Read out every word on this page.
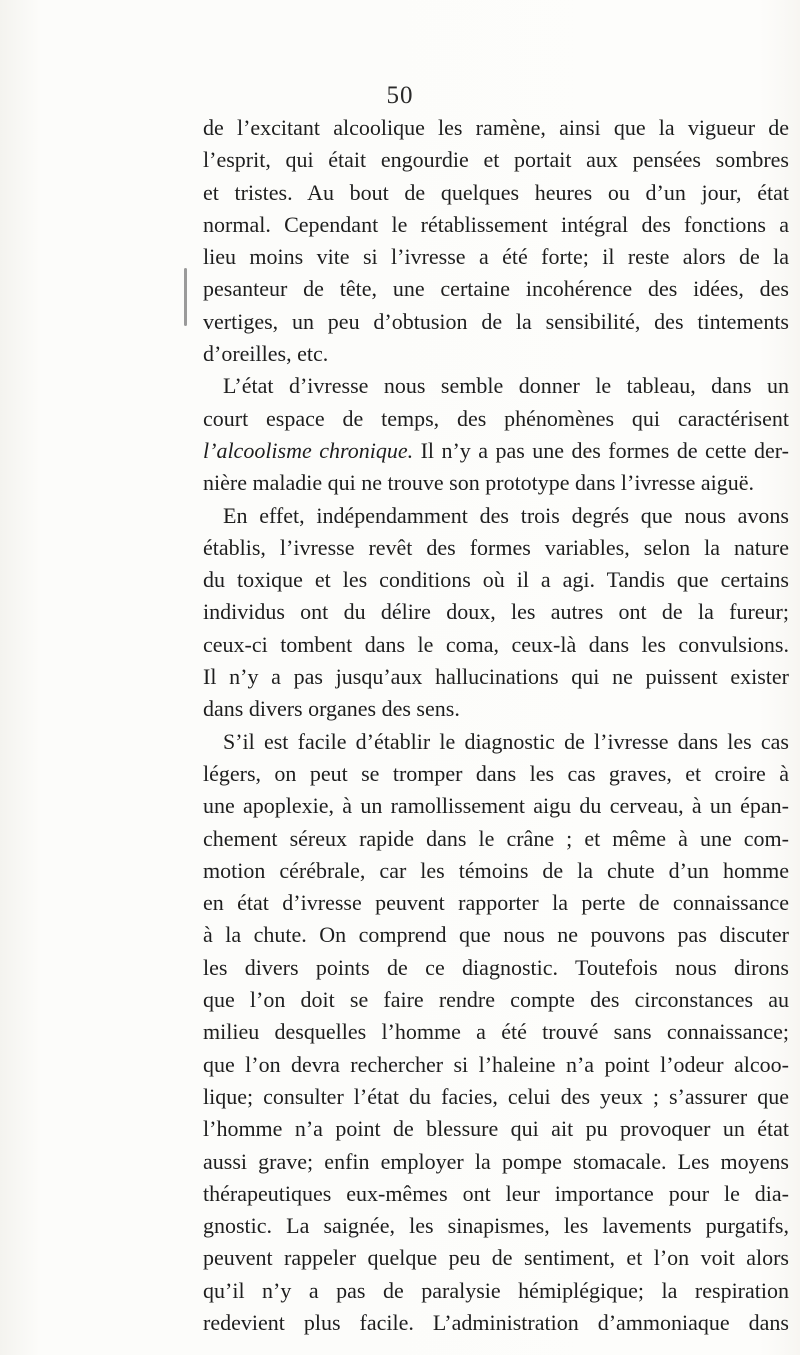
50
de l’excitant alcoolique les ramène, ainsi que la vigueur de
l’esprit, qui était engourdie et portait aux pensées sombres
et tristes. Au bout de quelques heures ou d’un jour, état
normal. Cependant le rétablissement intégral des fonctions a
lieu moins vite si l’ivresse a été forte; il reste alors de la
pesanteur de tête, une certaine incohérence des idées, des
vertiges, un peu d’obtusion de la sensibilité, des tintements
d’oreilles, etc.
L’état d’ivresse nous semble donner le tableau, dans un
court espace de temps, des phénomènes qui caractérisent
l’alcoolisme chronique. Il n’y a pas une des formes de cette der-
nière maladie qui ne trouve son prototype dans l’ivresse aiguë.
En effet, indépendamment des trois degrés que nous avons
établis, l’ivresse revêt des formes variables, selon la nature
du toxique et les conditions où il a agi. Tandis que certains
individus ont du délire doux, les autres ont de la fureur;
ceux-ci tombent dans le coma, ceux-là dans les convulsions.
Il n’y a pas jusqu’aux hallucinations qui ne puissent exister
dans divers organes des sens.
S’il est facile d’établir le diagnostic de l’ivresse dans les cas
légers, on peut se tromper dans les cas graves, et croire à
une apoplexie, à un ramollissement aigu du cerveau, à un épan-
chement séreux rapide dans le crâne ; et même à une com-
motion cérébrale, car les témoins de la chute d’un homme
en état d’ivresse peuvent rapporter la perte de connaissance
à la chute. On comprend que nous ne pouvons pas discuter
les divers points de ce diagnostic. Toutefois nous dirons
que l’on doit se faire rendre compte des circonstances au
milieu desquelles l’homme a été trouvé sans connaissance;
que l’on devra rechercher si l’haleine n’a point l’odeur alcoo-
lique; consulter l’état du facies, celui des yeux ; s’assurer que
l’homme n’a point de blessure qui ait pu provoquer un état
aussi grave; enfin employer la pompe stomacale. Les moyens
thérapeutiques eux-mêmes ont leur importance pour le dia-
gnostic. La saignée, les sinapismes, les lavements purgatifs,
peuvent rappeler quelque peu de sentiment, et l’on voit alors
qu’il n’y a pas de paralysie hémiplégique; la respiration
redevient plus facile. L’administration d’ammoniaque dans
